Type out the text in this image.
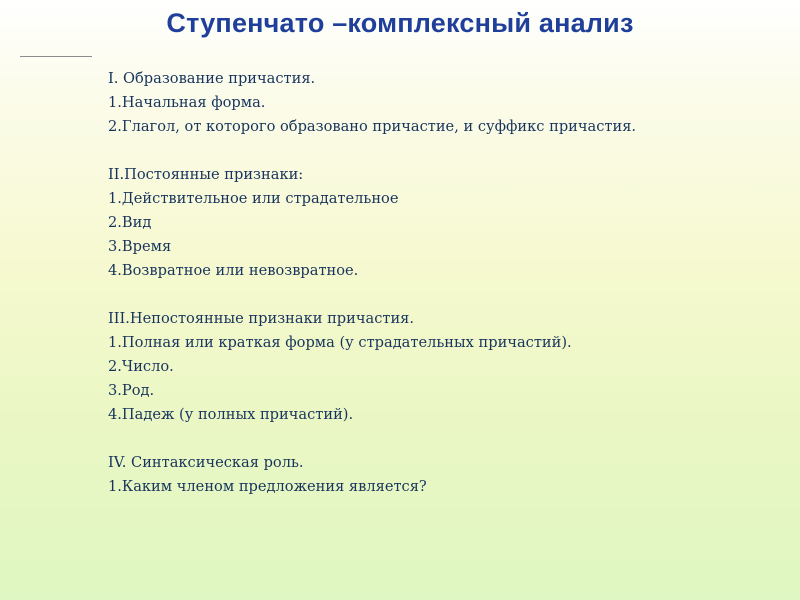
Ступенчато –комплексный анализ
I. Образование причастия.
1.Начальная форма.
2.Глагол, от которого образовано причастие, и суффикс причастия.
II.Постоянные признаки:
1.Действительное или страдательное
2.Вид
3.Время
4.Возвратное или невозвратное.
III.Непостоянные признаки причастия.
1.Полная или краткая форма (у страдательных причастий).
2.Число.
3.Род.
4.Падеж (у полных причастий).
IV. Синтаксическая роль.
1.Каким членом предложения является?
